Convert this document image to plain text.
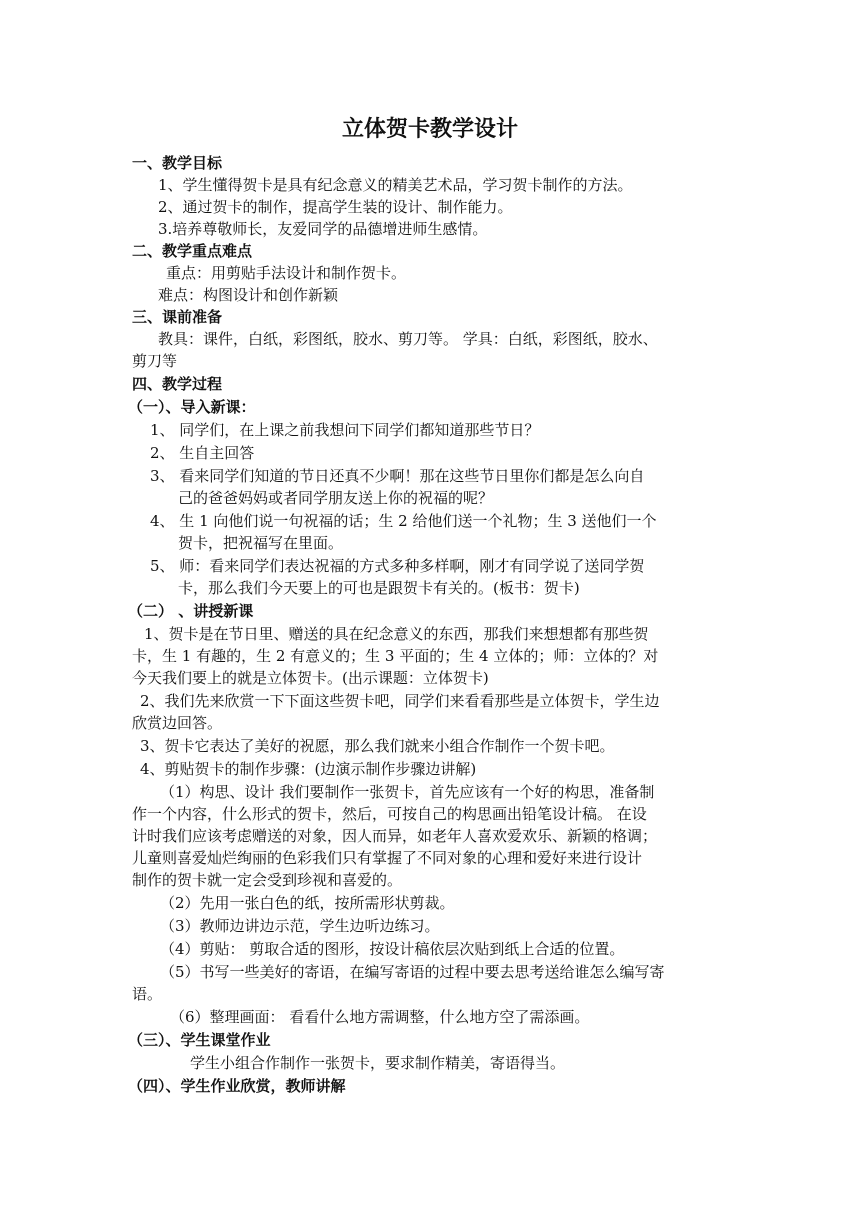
立体贺卡教学设计
一、教学目标
1、学生懂得贺卡是具有纪念意义的精美艺术品，学习贺卡制作的方法。
2、通过贺卡的制作，提高学生装的设计、制作能力。
3.培养尊敬师长，友爱同学的品德增进师生感情。
二、教学重点难点
重点：用剪贴手法设计和制作贺卡。
难点：构图设计和创作新颖
三、课前准备
教具：课件，白纸，彩图纸，胶水、剪刀等。 学具：白纸，彩图纸，胶水、
剪刀等
四、教学过程
（一）、导入新课：
1、 同学们，在上课之前我想问下同学们都知道那些节日？
2、 生自主回答
3、 看来同学们知道的节日还真不少啊！那在这些节日里你们都是怎么向自
己的爸爸妈妈或者同学朋友送上你的祝福的呢？
4、 生 1 向他们说一句祝福的话；生 2 给他们送一个礼物；生 3 送他们一个
贺卡，把祝福写在里面。
5、 师：看来同学们表达祝福的方式多种多样啊，刚才有同学说了送同学贺
卡，那么我们今天要上的可也是跟贺卡有关的。(板书：贺卡)
（二） 、讲授新课
1、贺卡是在节日里、赠送的具在纪念意义的东西，那我们来想想都有那些贺
卡，生 1 有趣的，生 2 有意义的；生 3 平面的；生 4 立体的；师：立体的？对
今天我们要上的就是立体贺卡。(出示课题：立体贺卡)
2、我们先来欣赏一下下面这些贺卡吧，同学们来看看那些是立体贺卡，学生边
欣赏边回答。
3、贺卡它表达了美好的祝愿，那么我们就来小组合作制作一个贺卡吧。
4、剪贴贺卡的制作步骤：(边演示制作步骤边讲解)
（1）构思、设计 我们要制作一张贺卡，首先应该有一个好的构思，准备制
作一个内容，什么形式的贺卡，然后，可按自己的构思画出铅笔设计稿。 在设
计时我们应该考虑赠送的对象，因人而异，如老年人喜欢爱欢乐、新颖的格调；
儿童则喜爱灿烂绚丽的色彩我们只有掌握了不同对象的心理和爱好来进行设计
制作的贺卡就一定会受到珍视和喜爱的。
（2）先用一张白色的纸，按所需形状剪裁。
（3）教师边讲边示范，学生边听边练习。
（4）剪贴： 剪取合适的图形，按设计稿依层次贴到纸上合适的位置。
（5）书写一些美好的寄语，在编写寄语的过程中要去思考送给谁怎么编写寄
语。
（6）整理画面： 看看什么地方需调整，什么地方空了需添画。
（三）、学生课堂作业
学生小组合作制作一张贺卡，要求制作精美，寄语得当。
（四）、学生作业欣赏，教师讲解
